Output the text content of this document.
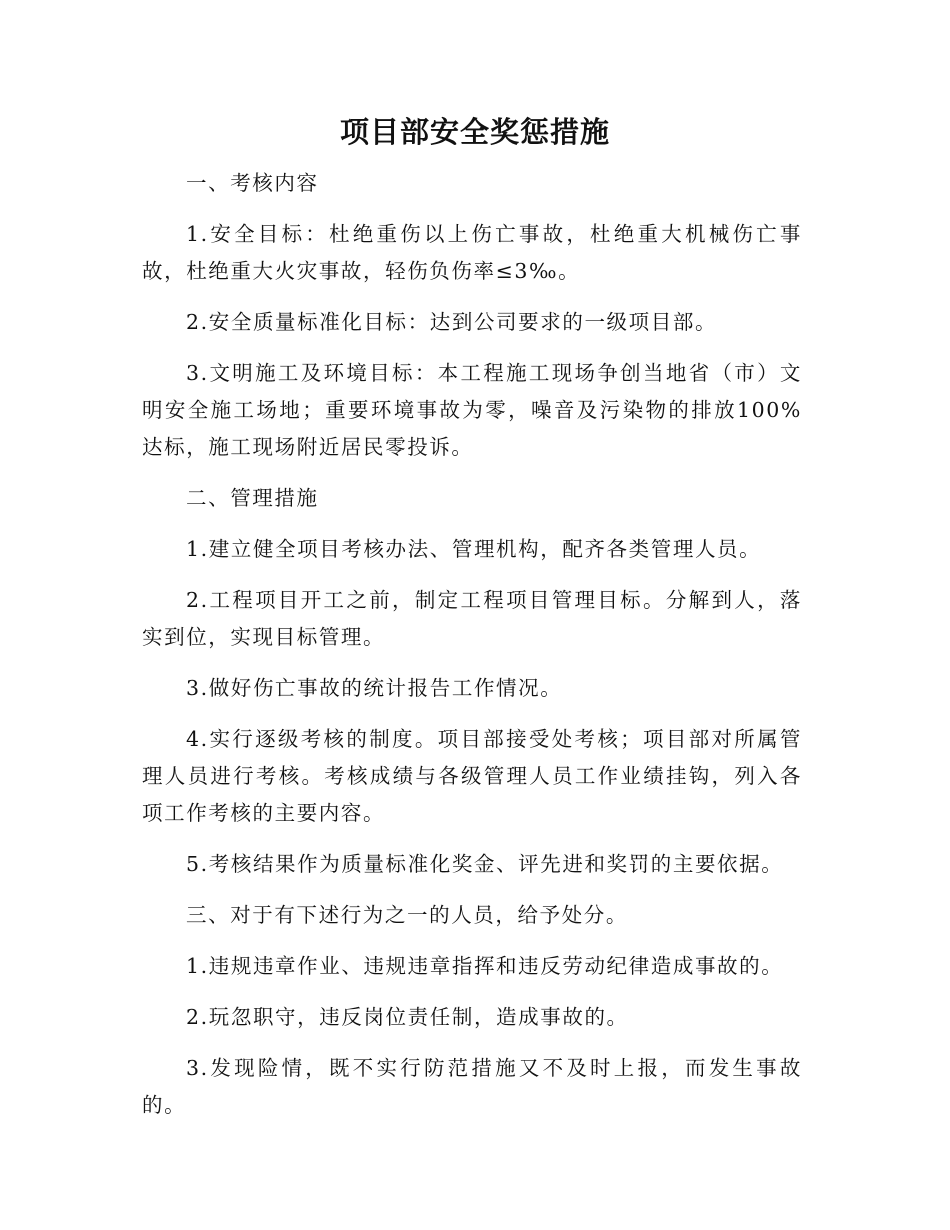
项目部安全奖惩措施

一、考核内容

1.安全目标：杜绝重伤以上伤亡事故，杜绝重大机械伤亡事故，杜绝重大火灾事故，轻伤负伤率≤3‰。

2.安全质量标准化目标：达到公司要求的一级项目部。

3.文明施工及环境目标：本工程施工现场争创当地省（市）文明安全施工场地；重要环境事故为零，噪音及污染物的排放100%达标，施工现场附近居民零投诉。

二、管理措施

1.建立健全项目考核办法、管理机构，配齐各类管理人员。

2.工程项目开工之前，制定工程项目管理目标。分解到人，落实到位，实现目标管理。

3.做好伤亡事故的统计报告工作情况。

4.实行逐级考核的制度。项目部接受处考核；项目部对所属管理人员进行考核。考核成绩与各级管理人员工作业绩挂钩，列入各项工作考核的主要内容。

5.考核结果作为质量标准化奖金、评先进和奖罚的主要依据。

三、对于有下述行为之一的人员，给予处分。

1.违规违章作业、违规违章指挥和违反劳动纪律造成事故的。

2.玩忽职守，违反岗位责任制，造成事故的。

3.发现险情，既不实行防范措施又不及时上报，而发生事故的。
